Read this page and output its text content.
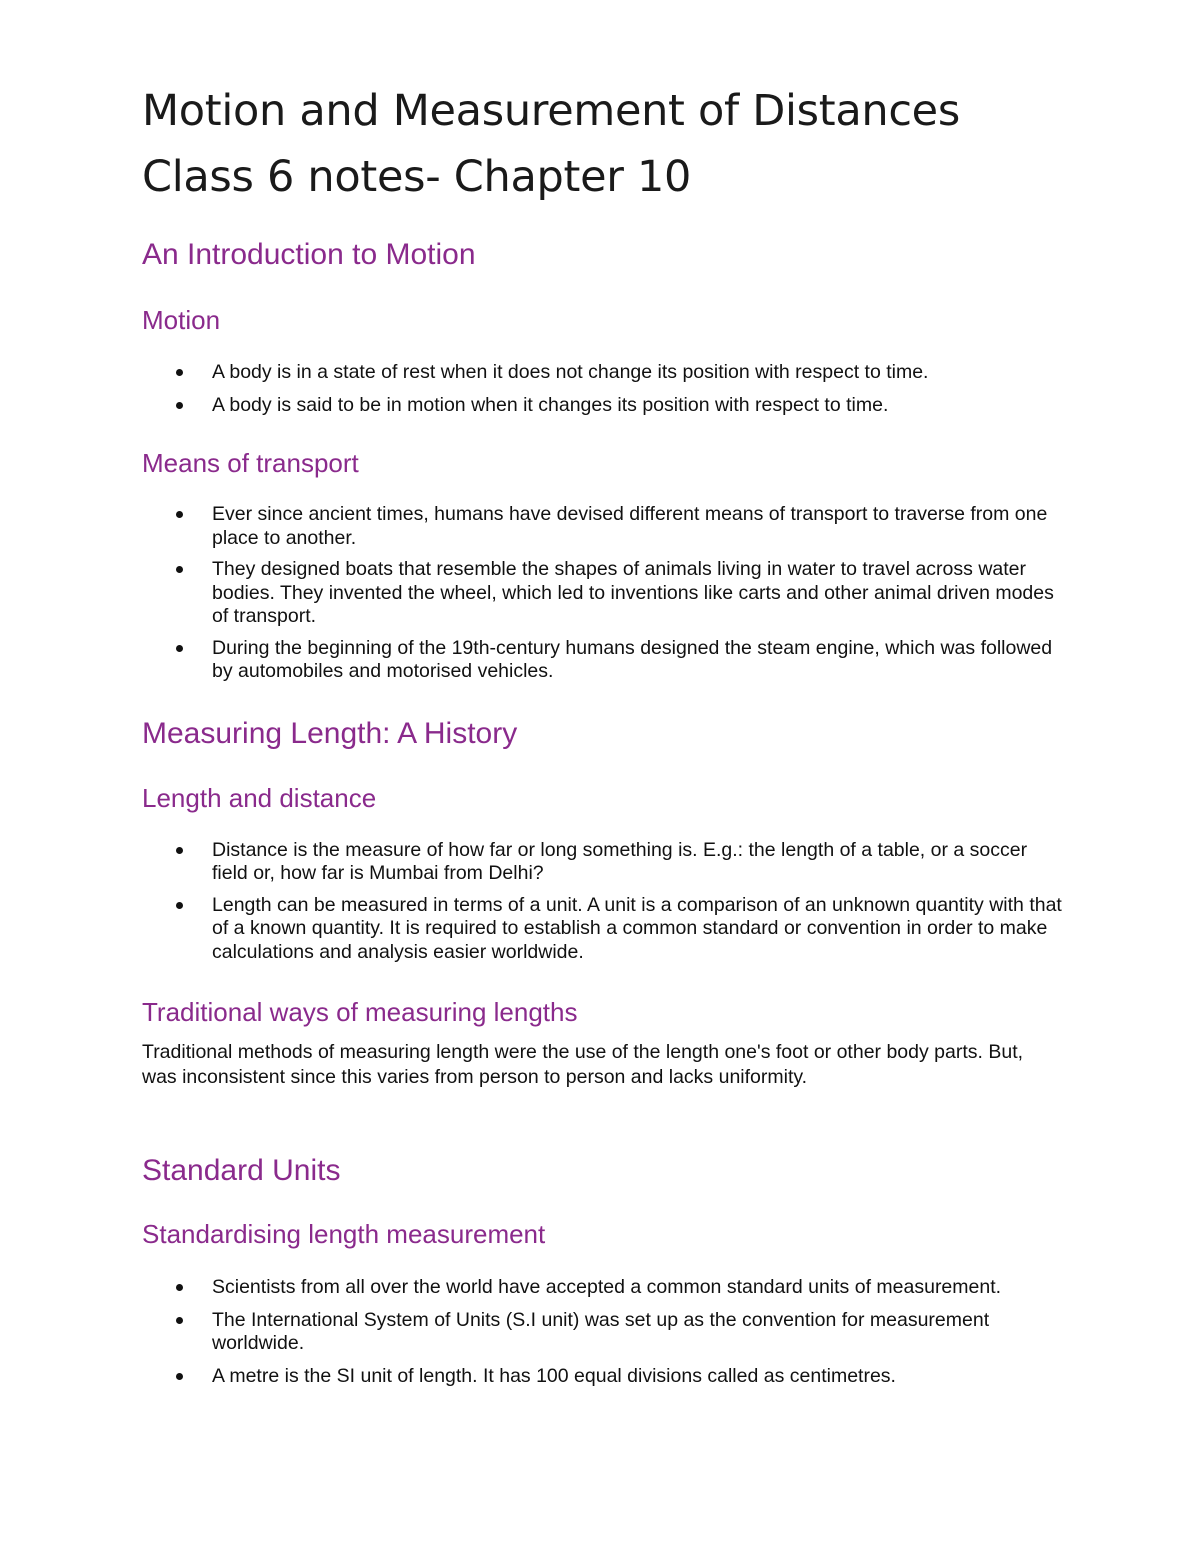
Motion and Measurement of Distances
Class 6 notes- Chapter 10
An Introduction to Motion
Motion
A body is in a state of rest when it does not change its position with respect to time.
A body is said to be in motion when it changes its position with respect to time.
Means of transport
Ever since ancient times, humans have devised different means of transport to traverse from one place to another.
They designed boats that resemble the shapes of animals living in water to travel across water bodies. They invented the wheel, which led to inventions like carts and other animal driven modes of transport.
During the beginning of the 19th-century humans designed the steam engine, which was followed by automobiles and motorised vehicles.
Measuring Length: A History
Length and distance
Distance is the measure of how far or long something is. E.g.: the length of a table, or a soccer field or, how far is Mumbai from Delhi?
Length can be measured in terms of a unit. A unit is a comparison of an unknown quantity with that of a known quantity. It is required to establish a common standard or convention in order to make calculations and analysis easier worldwide.
Traditional ways of measuring lengths

Traditional methods of measuring length were the use of the length one's foot or other body parts. But, was inconsistent since this varies from person to person and lacks uniformity.

Standard Units
Standardising length measurement
Scientists from all over the world have accepted a common standard units of measurement.
The International System of Units (S.I unit) was set up as the convention for measurement worldwide.
A metre is the SI unit of length. It has 100 equal divisions called as centimetres.
